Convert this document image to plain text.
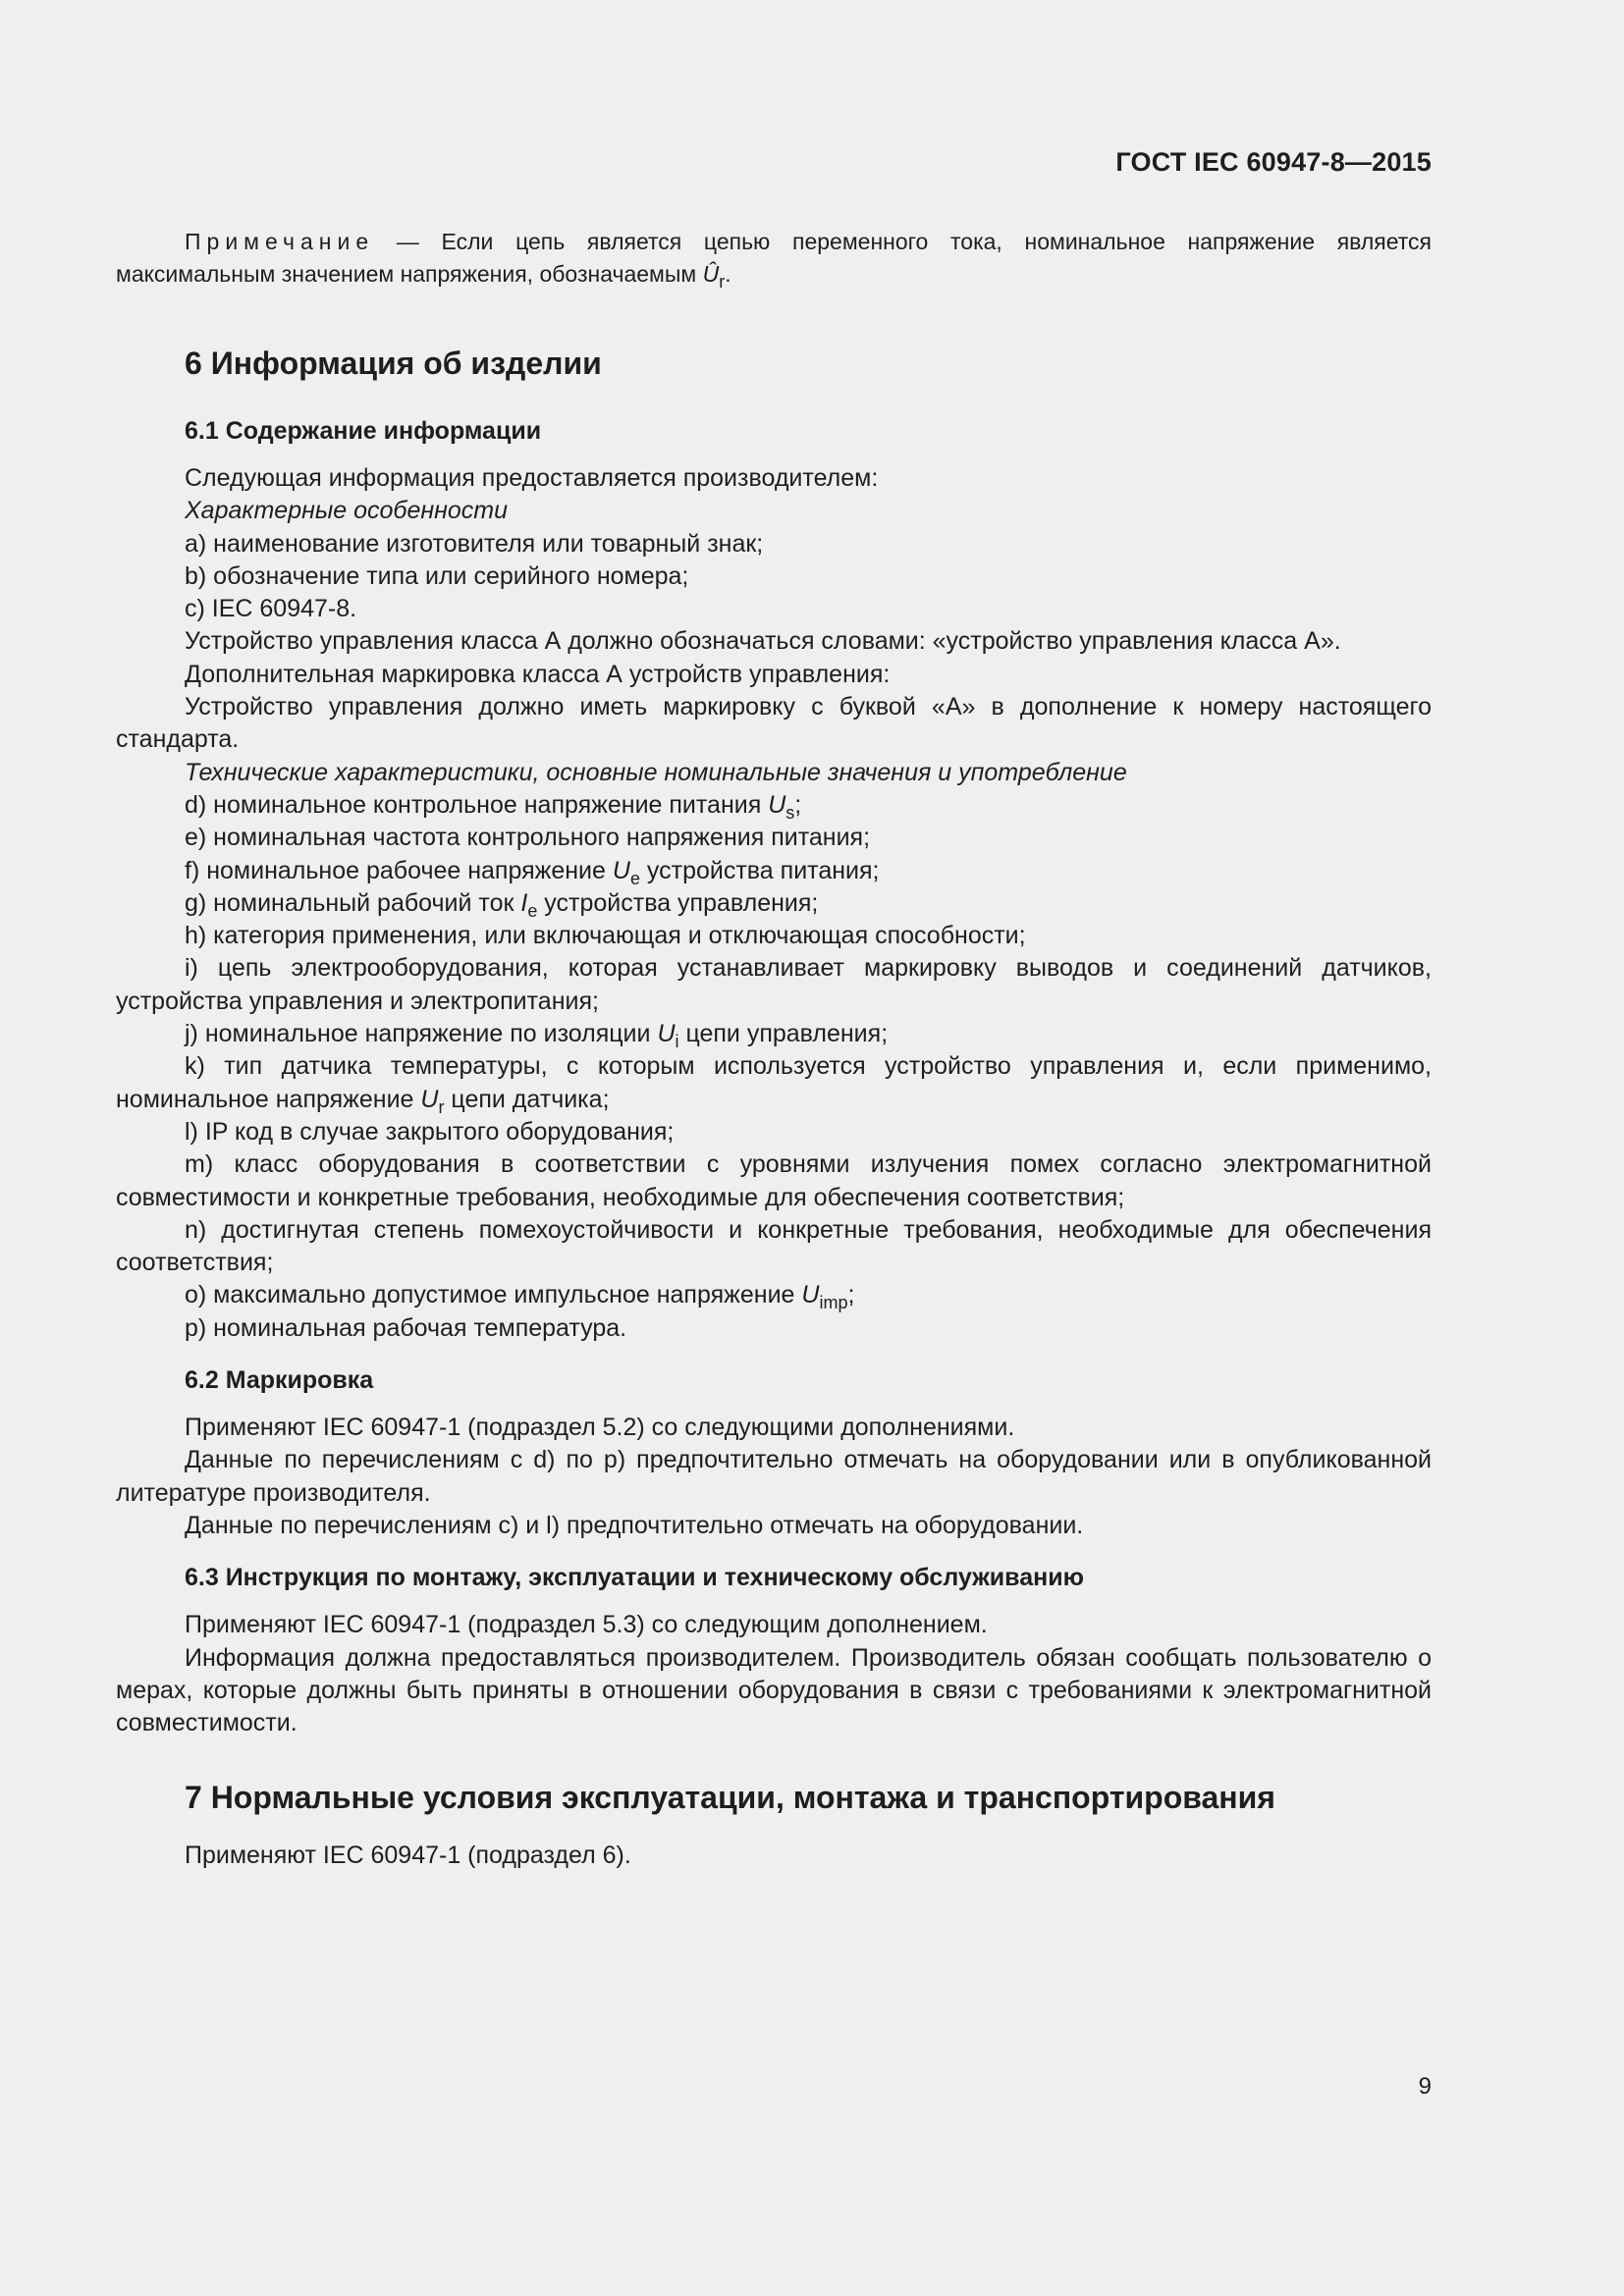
ГОСТ IEC 60947-8—2015
Примечание — Если цепь является цепью переменного тока, номинальное напряжение является максимальным значением напряжения, обозначаемым $Û_r$.
6 Информация об изделии
6.1 Содержание информации

Следующая информация предоставляется производителем:

Характерные особенности

a) наименование изготовителя или товарный знак;

b) обозначение типа или серийного номера;

c) IEC 60947-8.

Устройство управления класса А должно обозначаться словами: «устройство управления класса А».

Дополнительная маркировка класса А устройств управления:

Устройство управления должно иметь маркировку с буквой «А» в дополнение к номеру настоящего стандарта.

Технические характеристики, основные номинальные значения и употребление

d) номинальное контрольное напряжение питания $U_s$;

e) номинальная частота контрольного напряжения питания;

f) номинальное рабочее напряжение $U_e$ устройства питания;

g) номинальный рабочий ток $I_e$ устройства управления;

h) категория применения, или включающая и отключающая способности;

i) цепь электрооборудования, которая устанавливает маркировку выводов и соединений датчиков, устройства управления и электропитания;

j) номинальное напряжение по изоляции $U_i$ цепи управления;

k) тип датчика температуры, с которым используется устройство управления и, если применимо, номинальное напряжение $U_r$ цепи датчика;

l) IP код в случае закрытого оборудования;

m) класс оборудования в соответствии с уровнями излучения помех согласно электромагнитной совместимости и конкретные требования, необходимые для обеспечения соответствия;

n) достигнутая степень помехоустойчивости и конкретные требования, необходимые для обеспечения соответствия;

o) максимально допустимое импульсное напряжение $U_{imp}$;

p) номинальная рабочая температура.

6.2 Маркировка

Применяют IEC 60947-1 (подраздел 5.2) со следующими дополнениями.

Данные по перечислениям с d) по p) предпочтительно отмечать на оборудовании или в опубликованной литературе производителя.

Данные по перечислениям c) и l) предпочтительно отмечать на оборудовании.

6.3 Инструкция по монтажу, эксплуатации и техническому обслуживанию

Применяют IEC 60947-1 (подраздел 5.3) со следующим дополнением.

Информация должна предоставляться производителем. Производитель обязан сообщать пользователю о мерах, которые должны быть приняты в отношении оборудования в связи с требованиями к электромагнитной совместимости.

7 Нормальные условия эксплуатации, монтажа и транспортирования

Применяют IEC 60947-1 (подраздел 6).

9
